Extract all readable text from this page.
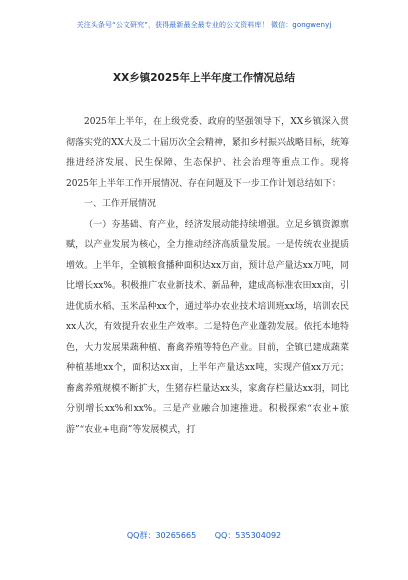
关注头条号“公文研究”，获得最新最全最专业的公文资料库！ 微信：gongwenyj
XX乡镇2025年上半年度工作情况总结

2025年上半年，在上级党委、政府的坚强领导下，XX乡镇深入贯彻落实党的XX大及二十届历次全会精神，紧扣乡村振兴战略目标，统筹推进经济发展、民生保障、生态保护、社会治理等重点工作。现将2025年上半年工作开展情况、存在问题及下一步工作计划总结如下：

一、工作开展情况

（一）夯基础、育产业，经济发展动能持续增强。立足乡镇资源禀赋，以产业发展为核心，全力推动经济高质量发展。一是传统农业提质增效。上半年，全镇粮食播种面积达xx万亩，预计总产量达xx万吨，同比增长xx%。积极推广农业新技术、新品种，建成高标准农田xx亩，引进优质水稻、玉米品种xx个，通过举办农业技术培训班xx场，培训农民xx人次，有效提升农业生产效率。二是特色产业蓬勃发展。依托本地特色，大力发展果蔬种植、畜禽养殖等特色产业。目前，全镇已建成蔬菜种植基地xx个，面积达xx亩，上半年产量达xx吨，实现产值xx万元；畜禽养殖规模不断扩大，生猪存栏量达xx头，家禽存栏量达xx羽，同比分别增长xx%和xx%。三是产业融合加速推进。积极探索“农业+旅游”“农业+电商”等发展模式，打

QQ群：30265665 QQ：535304092
